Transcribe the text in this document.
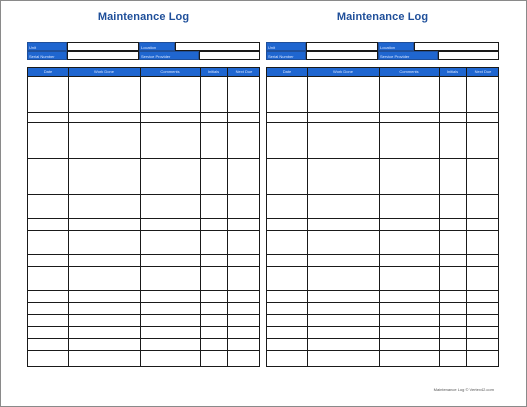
Maintenance Log
Unit	Location
Serial Number	Service Provider
Date	Work Done	Comments	Initials	Next Due
Maintenance Log
Unit	Location
Serial Number	Service Provider
Date	Work Done	Comments	Initials	Next Due
Maintenance Log © Vertex42.com
